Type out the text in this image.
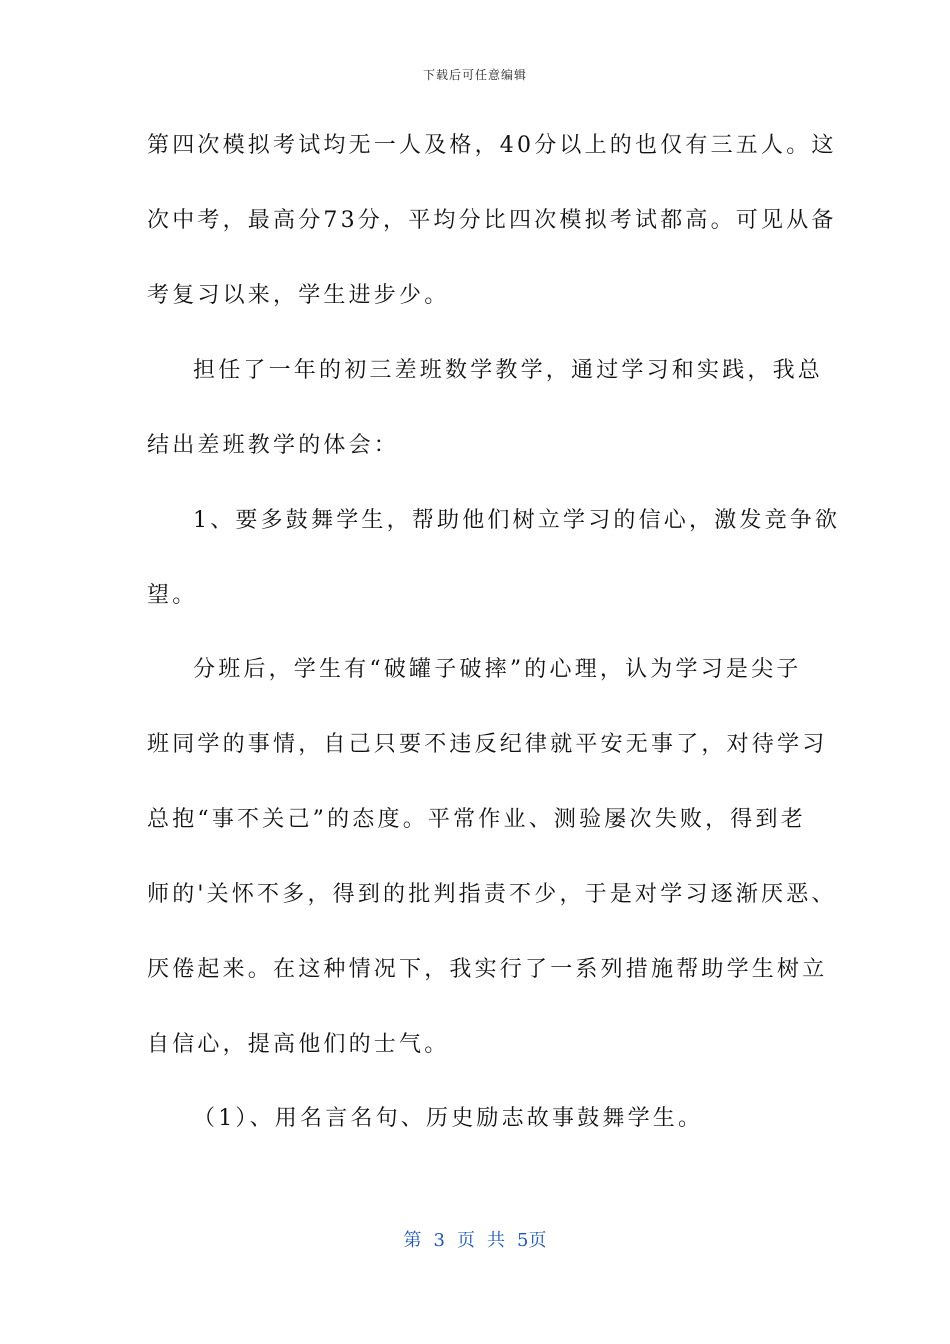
下载后可任意编辑
第四次模拟考试均无一人及格，40分以上的也仅有三五人。这
次中考，最高分73分，平均分比四次模拟考试都高。可见从备
考复习以来，学生进步少。
担任了一年的初三差班数学教学，通过学习和实践，我总
结出差班教学的体会：
1、要多鼓舞学生，帮助他们树立学习的信心，激发竞争欲
望。
分班后，学生有“破罐子破摔”的心理，认为学习是尖子
班同学的事情，自己只要不违反纪律就平安无事了，对待学习
总抱“事不关己”的态度。平常作业、测验屡次失败，得到老
师的'关怀不多，得到的批判指责不少，于是对学习逐渐厌恶、
厌倦起来。在这种情况下，我实行了一系列措施帮助学生树立
自信心，提高他们的士气。
（1）、用名言名句、历史励志故事鼓舞学生。
第 3 页 共 5页
